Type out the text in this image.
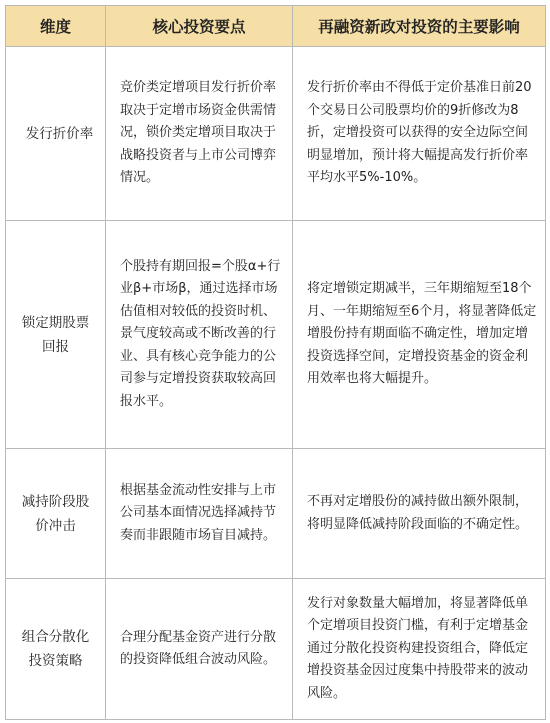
维度	核心投资要点	再融资新政对投资的主要影响

发行折价率	竞价类定增项目发行折价率取决于定增市场资金供需情况，锁价类定增项目取决于战略投资者与上市公司博弈情况。	发行折价率由不得低于定价基准日前20个交易日公司股票均价的9折修改为8折，定增投资可以获得的安全边际空间明显增加，预计将大幅提高发行折价率平均水平5%-10%。

锁定期股票回报	个股持有期回报=个股α+行业β+市场β，通过选择市场估值相对较低的投资时机、景气度较高或不断改善的行业、具有核心竞争能力的公司参与定增投资获取较高回报水平。	将定增锁定期减半，三年期缩短至18个月、一年期缩短至6个月，将显著降低定增股份持有期面临不确定性，增加定增投资选择空间，定增投资基金的资金利用效率也将大幅提升。

减持阶段股价冲击	根据基金流动性安排与上市公司基本面情况选择减持节奏而非跟随市场盲目减持。	不再对定增股份的减持做出额外限制，将明显降低减持阶段面临的不确定性。

组合分散化投资策略	合理分配基金资产进行分散的投资降低组合波动风险。	发行对象数量大幅增加，将显著降低单个定增项目投资门槛，有利于定增基金通过分散化投资构建投资组合，降低定增投资基金因过度集中持股带来的波动风险。
